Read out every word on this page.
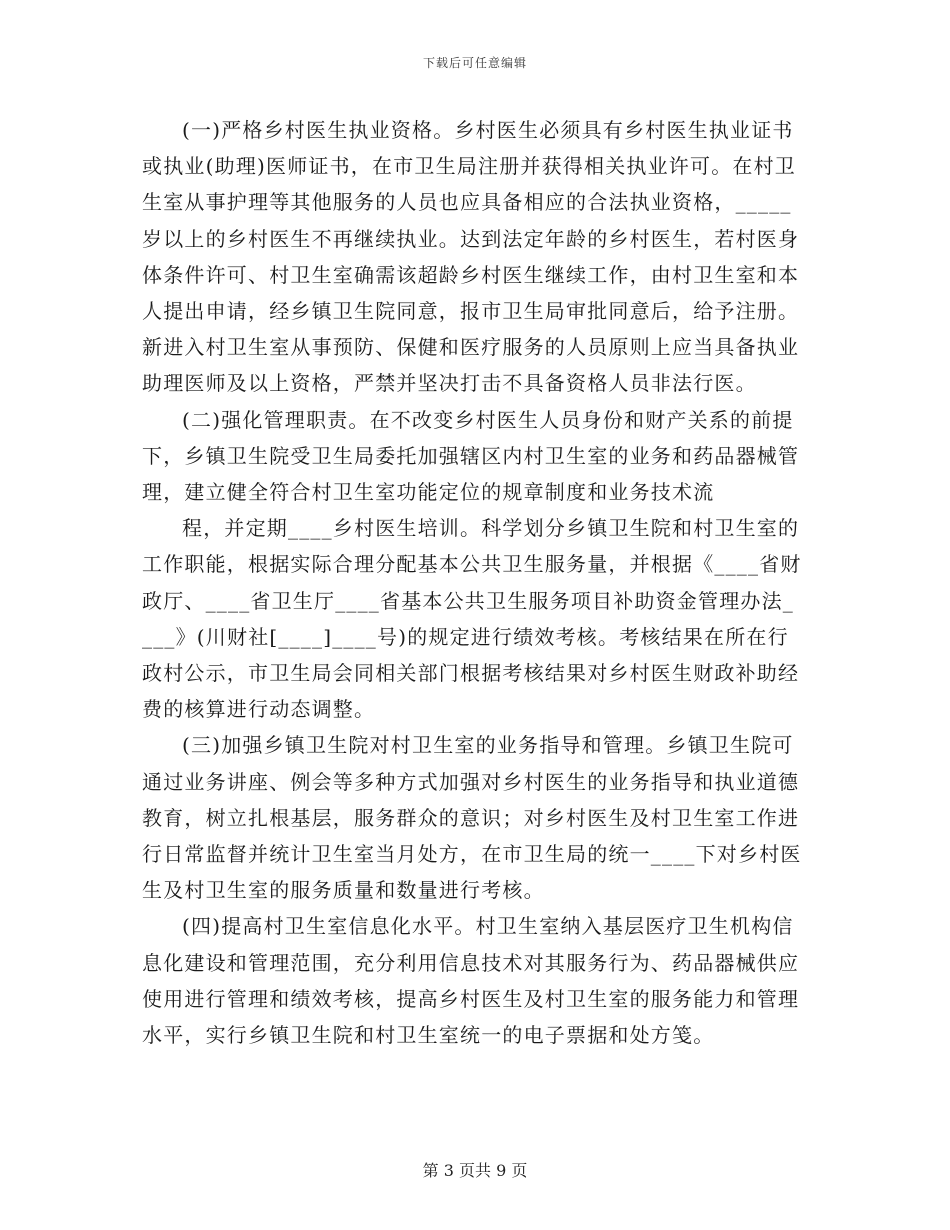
下载后可任意编辑

(一)严格乡村医生执业资格。乡村医生必须具有乡村医生执业证书或执业(助理)医师证书，在市卫生局注册并获得相关执业许可。在村卫生室从事护理等其他服务的人员也应具备相应的合法执业资格，_____岁以上的乡村医生不再继续执业。达到法定年龄的乡村医生，若村医身体条件许可、村卫生室确需该超龄乡村医生继续工作，由村卫生室和本人提出申请，经乡镇卫生院同意，报市卫生局审批同意后，给予注册。新进入村卫生室从事预防、保健和医疗服务的人员原则上应当具备执业助理医师及以上资格，严禁并坚决打击不具备资格人员非法行医。

(二)强化管理职责。在不改变乡村医生人员身份和财产关系的前提下，乡镇卫生院受卫生局委托加强辖区内村卫生室的业务和药品器械管理，建立健全符合村卫生室功能定位的规章制度和业务技术流

程，并定期____乡村医生培训。科学划分乡镇卫生院和村卫生室的工作职能，根据实际合理分配基本公共卫生服务量，并根据《____省财政厅、____省卫生厅____省基本公共卫生服务项目补助资金管理办法____》(川财社[____]____号)的规定进行绩效考核。考核结果在所在行政村公示，市卫生局会同相关部门根据考核结果对乡村医生财政补助经费的核算进行动态调整。

(三)加强乡镇卫生院对村卫生室的业务指导和管理。乡镇卫生院可通过业务讲座、例会等多种方式加强对乡村医生的业务指导和执业道德教育，树立扎根基层，服务群众的意识；对乡村医生及村卫生室工作进行日常监督并统计卫生室当月处方，在市卫生局的统一____下对乡村医生及村卫生室的服务质量和数量进行考核。

(四)提高村卫生室信息化水平。村卫生室纳入基层医疗卫生机构信息化建设和管理范围，充分利用信息技术对其服务行为、药品器械供应使用进行管理和绩效考核，提高乡村医生及村卫生室的服务能力和管理水平，实行乡镇卫生院和村卫生室统一的电子票据和处方笺。

第 3 页共 9 页
